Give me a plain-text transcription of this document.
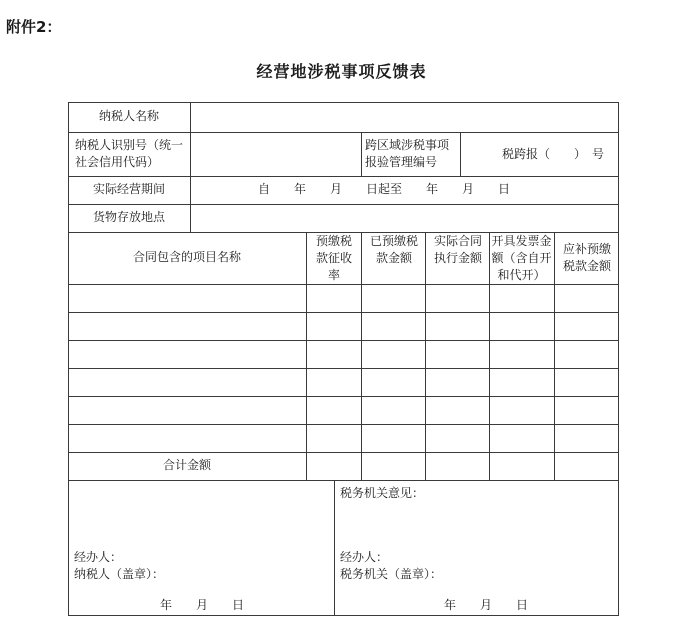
附件2：
经营地涉税事项反馈表
纳税人名称
纳税人识别号（统一社会信用代码）
跨区域涉税事项报验管理编号
税跨报（　　）　号
实际经营期间	自　　年　　月　　日起至　　年　　月　　日
货物存放地点
合同包含的项目名称
预缴税款征收率
已预缴税款金额
实际合同执行金额
开具发票金额（含自开和代开）
应补预缴税款金额
合计金额
经办人：
纳税人（盖章）：
年　　月　　日
税务机关意见：
经办人：
税务机关（盖章）：
年　　月　　日
